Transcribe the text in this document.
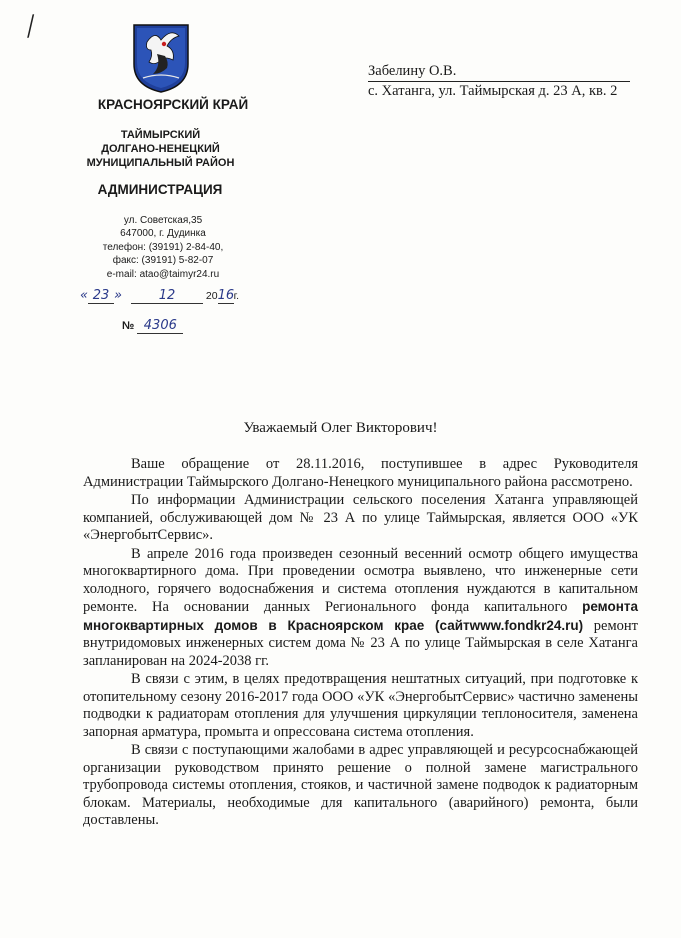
/
КРАСНОЯРСКИЙ КРАЙ
ТАЙМЫРСКИЙ
ДОЛГАНО-НЕНЕЦКИЙ
МУНИЦИПАЛЬНЫЙ РАЙОН
АДМИНИСТРАЦИЯ
ул. Советская,35
647000, г. Дудинка
телефон: (39191) 2-84-40,
факс: (39191) 5-82-07
e-mail: atao@taimyr24.ru
« 23 »	12	2016г.
№ 4306
Забелину О.В.
с. Хатанга, ул. Таймырская д. 23 А, кв. 2
Уважаемый Олег Викторович!

Ваше обращение от 28.11.2016, поступившее в адрес Руководителя Администрации Таймырского Долгано-Ненецкого муниципального района рассмотрено.

По информации Администрации сельского поселения Хатанга управляющей компанией, обслуживающей дом № 23 А по улице Таймырская, является ООО «УК «ЭнергобытСервис».

В апреле 2016 года произведен сезонный весенний осмотр общего имущества многоквартирного дома. При проведении осмотра выявлено, что инженерные сети холодного, горячего водоснабжения и система отопления нуждаются в капитальном ремонте. На основании данных Регионального фонда капитального ремонта многоквартирных домов в Красноярском крае (сайтwww.fondkr24.ru) ремонт внутридомовых инженерных систем дома № 23 А по улице Таймырская в селе Хатанга запланирован на 2024-2038 гг.

В связи с этим, в целях предотвращения нештатных ситуаций, при подготовке к отопительному сезону 2016-2017 года ООО «УК «ЭнергобытСервис» частично заменены подводки к радиаторам отопления для улучшения циркуляции теплоносителя, заменена запорная арматура, промыта и опрессована система отопления.

В связи с поступающими жалобами в адрес управляющей и ресурсоснабжающей организации руководством принято решение о полной замене магистрального трубопровода системы отопления, стояков, и частичной замене подводок к радиаторным блокам. Материалы, необходимые для капитального (аварийного) ремонта, были доставлены.
